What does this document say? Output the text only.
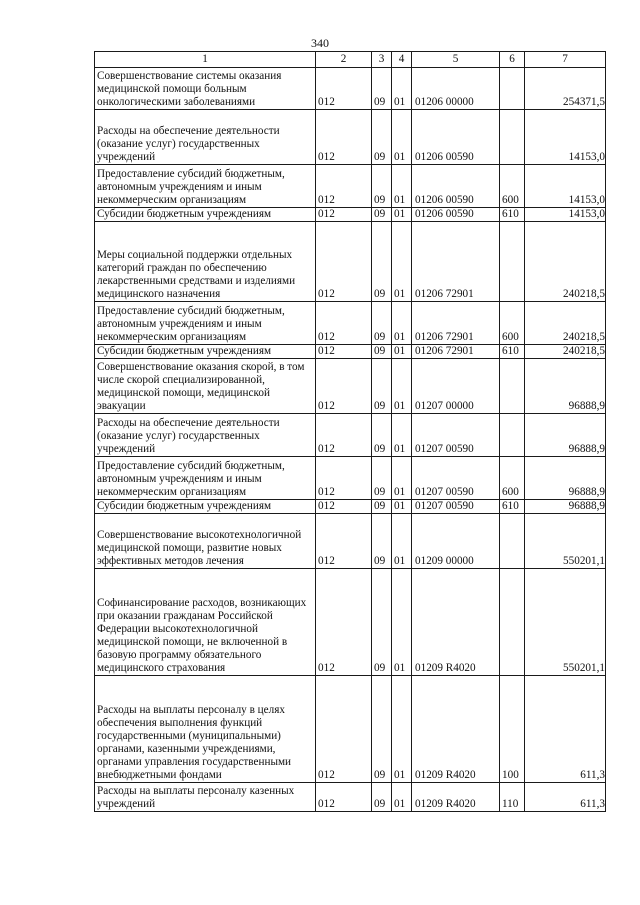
340
1	2	3	4	5	6	7
Совершенствование системы оказания медицинской помощи больным онкологическими заболеваниями	012	09	01	01206 00000		254371,5
Расходы на обеспечение деятельности (оказание услуг) государственных учреждений	012	09	01	01206 00590		14153,0
Предоставление субсидий бюджетным, автономным учреждениям и иным некоммерческим организациям	012	09	01	01206 00590	600	14153,0
Субсидии бюджетным учреждениям	012	09	01	01206 00590	610	14153,0
Меры социальной поддержки отдельных категорий граждан по обеспечению лекарственными средствами и изделиями медицинского назначения	012	09	01	01206 72901		240218,5
Предоставление субсидий бюджетным, автономным учреждениям и иным некоммерческим организациям	012	09	01	01206 72901	600	240218,5
Субсидии бюджетным учреждениям	012	09	01	01206 72901	610	240218,5
Совершенствование оказания скорой, в том числе скорой специализированной, медицинской помощи, медицинской эвакуации	012	09	01	01207 00000		96888,9
Расходы на обеспечение деятельности (оказание услуг) государственных учреждений	012	09	01	01207 00590		96888,9
Предоставление субсидий бюджетным, автономным учреждениям и иным некоммерческим организациям	012	09	01	01207 00590	600	96888,9
Субсидии бюджетным учреждениям	012	09	01	01207 00590	610	96888,9
Совершенствование высокотехнологичной медицинской помощи, развитие новых эффективных методов лечения	012	09	01	01209 00000		550201,1
Софинансирование расходов, возникающих при оказании гражданам Российской Федерации высокотехнологичной медицинской помощи, не включенной в базовую программу обязательного медицинского страхования	012	09	01	01209 R4020		550201,1
Расходы на выплаты персоналу в целях обеспечения выполнения функций государственными (муниципальными) органами, казенными учреждениями, органами управления государственными внебюджетными фондами	012	09	01	01209 R4020	100	611,3
Расходы на выплаты персоналу казенных учреждений	012	09	01	01209 R4020	110	611,3
